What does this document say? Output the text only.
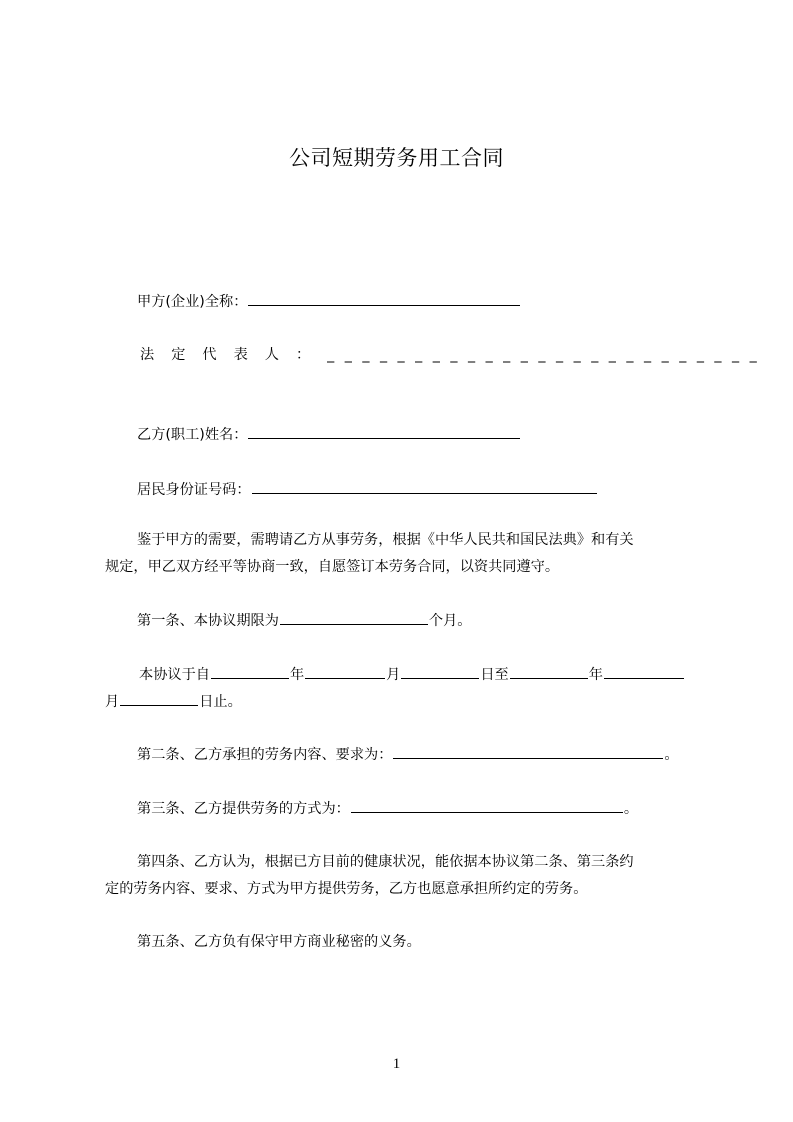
公司短期劳务用工合同
甲方(企业)全称：
法定代表人：_ _ _ _ _ _ _ _ _ _ _ _ _ _ _ _ _ _ _ _ _ _ _ _ _
乙方(职工)姓名：
居民身份证号码：
鉴于甲方的需要，需聘请乙方从事劳务，根据《中华人民共和国民法典》和有关
规定，甲乙双方经平等协商一致，自愿签订本劳务合同，以资共同遵守。
第一条、本协议期限为	个月。
本协议于自	年	月	日至	年
月	日止。
第二条、乙方承担的劳务内容、要求为：	。
第三条、乙方提供劳务的方式为：	。
第四条、乙方认为，根据已方目前的健康状况，能依据本协议第二条、第三条约
定的劳务内容、要求、方式为甲方提供劳务，乙方也愿意承担所约定的劳务。
第五条、乙方负有保守甲方商业秘密的义务。
1
